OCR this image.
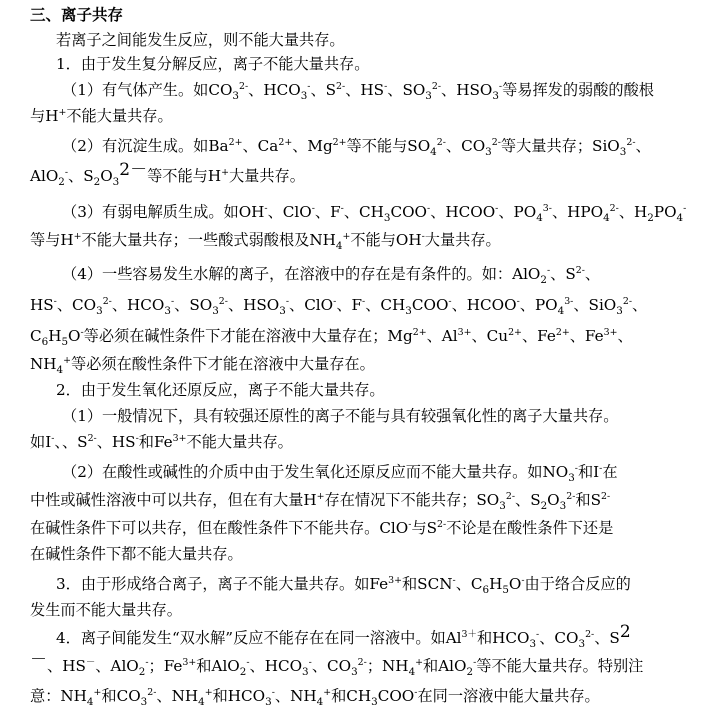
三、离子共存
若离子之间能发生反应，则不能大量共存。
1．由于发生复分解反应，离子不能大量共存。
（1）有气体产生。如$CO_3^{2-}$、$HCO_3^-$、$S^{2-}$、HS-、$SO_3^{2-}$、$HSO_3^-$等易挥发的弱酸的酸根
与H+不能大量共存。
（2）有沉淀生成。如$Ba^{2+}$、$Ca^{2+}$、$Mg^{2+}$等不能与$SO_4^{2-}$、$CO_3^{2-}$等大量共存；SiO$_3^{2-}$、
AlO$_2$-、$S_2O_32-$等不能与H+大量共存。
（3）有弱电解质生成。如OH-、ClO-、F-、$CH_3COO^-$、HCOO-、$PO_4^{3-}$、$HPO_4^{2-}$、$H_2PO_4^-$
等与H+不能大量共存；一些酸式弱酸根及$NH_4^+$不能与OH-大量共存。
（4）一些容易发生水解的离子，在溶液中的存在是有条件的。如：AlO$_2$-、$S^{2-}$、
HS-、$CO_3^{2-}$、$HCO_3^-$、$SO_3^{2-}$、$HSO_3^-$、ClO-、F-、$CH_3COO^-$、HCOO-、$PO_4^{3-}$、SiO$_3^{2-}$、
$C_6H_5O^-$等必须在碱性条件下才能在溶液中大量存在；$Mg^{2+}$、$Al^{3+}$、$Cu^{2+}$、$Fe^{2+}$、$Fe^{3+}$、
$NH_4^+$等必须在酸性条件下才能在溶液中大量存在。
2．由于发生氧化还原反应，离子不能大量共存。
（1）一般情况下，具有较强还原性的离子不能与具有较强氧化性的离子大量共存。
如I-、、$S^{2-}$、HS-和$Fe^{3+}$不能大量共存。
（2）在酸性或碱性的介质中由于发生氧化还原反应而不能大量共存。如$NO_3^-$和I-在
中性或碱性溶液中可以共存，但在有大量H+存在情况下不能共存；$SO_3^{2-}$、$S_2O_3^{2-}$和$S^{2-}$
在碱性条件下可以共存，但在酸性条件下不能共存。ClO-与$S^{2-}$不论是在酸性条件下还是
在碱性条件下都不能大量共存。
3．由于形成络合离子，离子不能大量共存。如$Fe^{3+}$和SCN-、$C_6H_5O^-$由于络合反应的
发生而不能大量共存。
4．离子间能发生“双水解”反应不能存在在同一溶液中。如$Al^{3+}$和$HCO_3^-$、$CO_3^{2-}$、S2
－、HS－、AlO$_2$-；$Fe^{3+}$和AlO$_2$-、$HCO_3^-$、$CO_3^{2-}$；$NH_4^+$和AlO$_2$-等不能大量共存。特别注
意：$NH_4^+$和$CO_3^{2-}$、$NH_4^+$和$HCO_3^-$、$NH_4^+$和$CH_3COO^-$在同一溶液中能大量共存。
